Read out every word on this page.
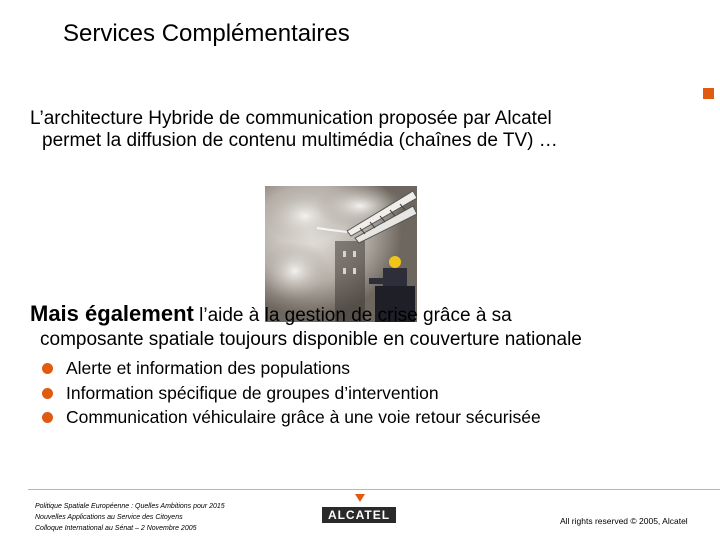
Services Complémentaires
L’architecture Hybride de communication proposée par Alcatel
permet la diffusion de contenu multimédia (chaînes de TV) …
Mais également l’aide à la gestion de crise grâce à sa
composante spatiale toujours disponible en couverture nationale
Alerte et information des populations
Information spécifique de groupes d’intervention
Communication véhiculaire grâce à une voie retour sécurisée
Politique Spatiale Européenne : Quelles Ambitions pour 2015
Nouvelles Applications au Service des Citoyens
Colloque International au Sénat – 2 Novembre 2005
ALCATEL	All rights reserved © 2005, Alcatel
